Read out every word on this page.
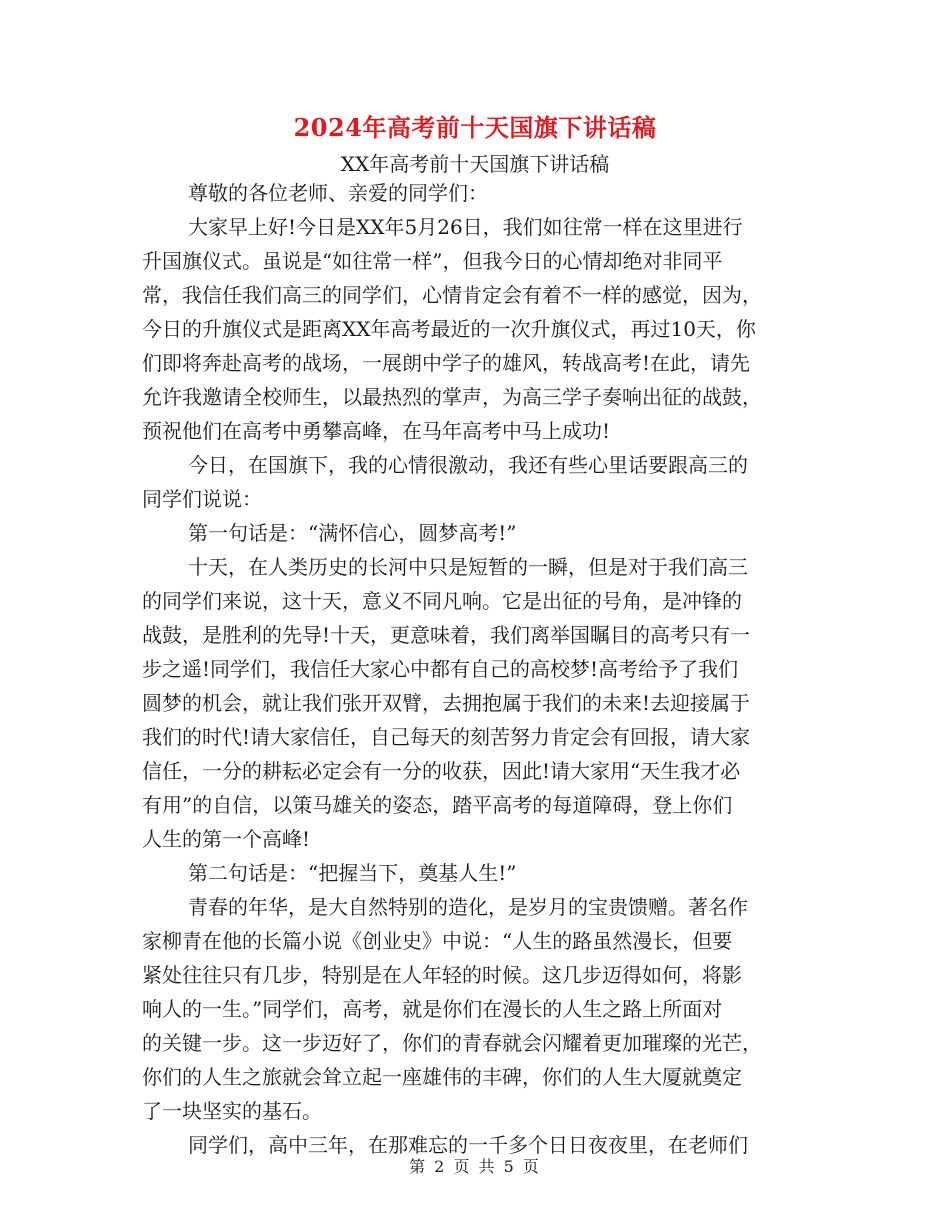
2024年高考前十天国旗下讲话稿
XX年高考前十天国旗下讲话稿
尊敬的各位老师、亲爱的同学们：
大家早上好!今日是XX年5月26日，我们如往常一样在这里进行
升国旗仪式。虽说是“如往常一样”，但我今日的心情却绝对非同平
常，我信任我们高三的同学们，心情肯定会有着不一样的感觉，因为，
今日的升旗仪式是距离XX年高考最近的一次升旗仪式，再过10天，你
们即将奔赴高考的战场，一展朗中学子的雄风，转战高考!在此，请先
允许我邀请全校师生，以最热烈的掌声，为高三学子奏响出征的战鼓，
预祝他们在高考中勇攀高峰，在马年高考中马上成功!
今日，在国旗下，我的心情很激动，我还有些心里话要跟高三的
同学们说说：
第一句话是：“满怀信心，圆梦高考!”
十天，在人类历史的长河中只是短暂的一瞬，但是对于我们高三
的同学们来说，这十天，意义不同凡响。它是出征的号角，是冲锋的
战鼓，是胜利的先导!十天，更意味着，我们离举国瞩目的高考只有一
步之遥!同学们，我信任大家心中都有自己的高校梦!高考给予了我们
圆梦的机会，就让我们张开双臂，去拥抱属于我们的未来!去迎接属于
我们的时代!请大家信任，自己每天的刻苦努力肯定会有回报，请大家
信任，一分的耕耘必定会有一分的收获，因此!请大家用“天生我才必
有用”的自信，以策马雄关的姿态，踏平高考的每道障碍，登上你们
人生的第一个高峰!
第二句话是：“把握当下，奠基人生!”
青春的年华，是大自然特别的造化，是岁月的宝贵馈赠。著名作
家柳青在他的长篇小说《创业史》中说：“人生的路虽然漫长，但要
紧处往往只有几步，特别是在人年轻的时候。这几步迈得如何，将影
响人的一生。”同学们，高考，就是你们在漫长的人生之路上所面对
的关键一步。这一步迈好了，你们的青春就会闪耀着更加璀璨的光芒，
你们的人生之旅就会耸立起一座雄伟的丰碑，你们的人生大厦就奠定
了一块坚实的基石。
同学们，高中三年，在那难忘的一千多个日日夜夜里，在老师们
第 2 页 共 5 页
